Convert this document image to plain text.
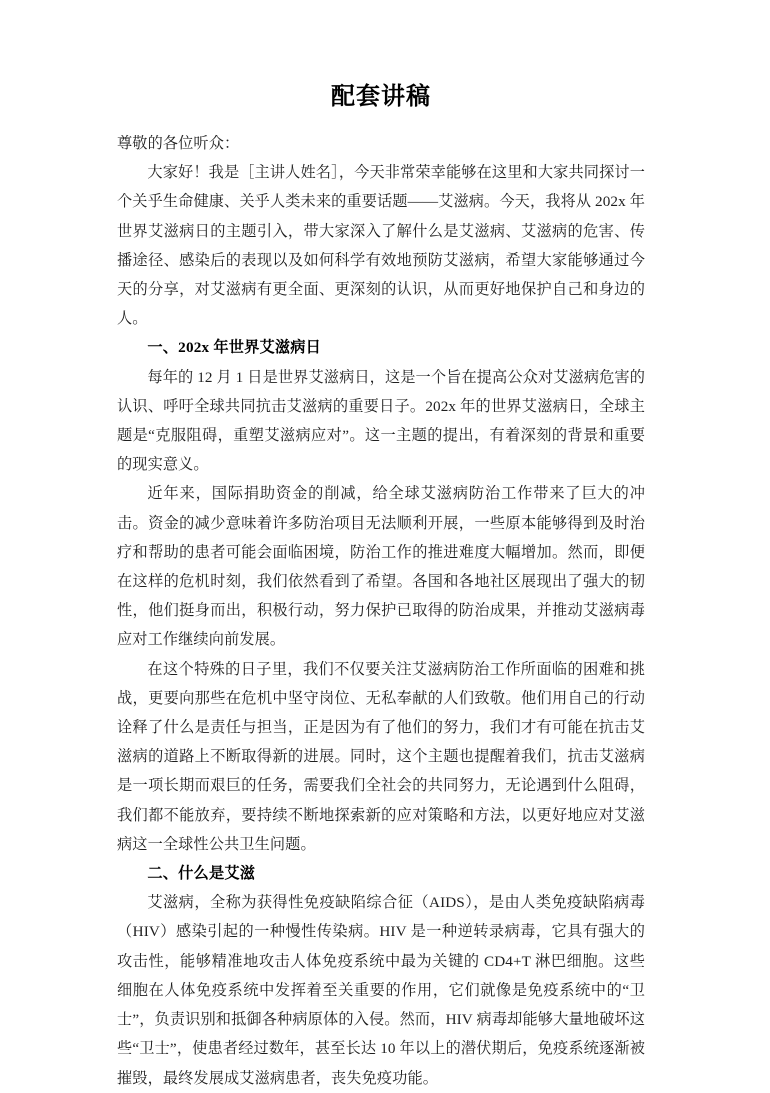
配套讲稿

尊敬的各位听众：

大家好！我是［主讲人姓名］，今天非常荣幸能够在这里和大家共同探讨一个关乎生命健康、关乎人类未来的重要话题——艾滋病。今天，我将从 202x 年世界艾滋病日的主题引入，带大家深入了解什么是艾滋病、艾滋病的危害、传播途径、感染后的表现以及如何科学有效地预防艾滋病，希望大家能够通过今天的分享，对艾滋病有更全面、更深刻的认识，从而更好地保护自己和身边的人。

一、202x 年世界艾滋病日

每年的 12 月 1 日是世界艾滋病日，这是一个旨在提高公众对艾滋病危害的认识、呼吁全球共同抗击艾滋病的重要日子。202x 年的世界艾滋病日，全球主题是“克服阻碍，重塑艾滋病应对”。这一主题的提出，有着深刻的背景和重要的现实意义。

近年来，国际捐助资金的削减，给全球艾滋病防治工作带来了巨大的冲击。资金的减少意味着许多防治项目无法顺利开展，一些原本能够得到及时治疗和帮助的患者可能会面临困境，防治工作的推进难度大幅增加。然而，即便在这样的危机时刻，我们依然看到了希望。各国和各地社区展现出了强大的韧性，他们挺身而出，积极行动，努力保护已取得的防治成果，并推动艾滋病毒应对工作继续向前发展。

在这个特殊的日子里，我们不仅要关注艾滋病防治工作所面临的困难和挑战，更要向那些在危机中坚守岗位、无私奉献的人们致敬。他们用自己的行动诠释了什么是责任与担当，正是因为有了他们的努力，我们才有可能在抗击艾滋病的道路上不断取得新的进展。同时，这个主题也提醒着我们，抗击艾滋病是一项长期而艰巨的任务，需要我们全社会的共同努力，无论遇到什么阻碍，我们都不能放弃，要持续不断地探索新的应对策略和方法，以更好地应对艾滋病这一全球性公共卫生问题。

二、什么是艾滋

艾滋病，全称为获得性免疫缺陷综合征（AIDS），是由人类免疫缺陷病毒（HIV）感染引起的一种慢性传染病。HIV 是一种逆转录病毒，它具有强大的攻击性，能够精准地攻击人体免疫系统中最为关键的 CD4+T 淋巴细胞。这些细胞在人体免疫系统中发挥着至关重要的作用，它们就像是免疫系统中的“卫士”，负责识别和抵御各种病原体的入侵。然而，HIV 病毒却能够大量地破坏这些“卫士”，使患者经过数年，甚至长达 10 年以上的潜伏期后，免疫系统逐渐被摧毁，最终发展成艾滋病患者，丧失免疫功能。
